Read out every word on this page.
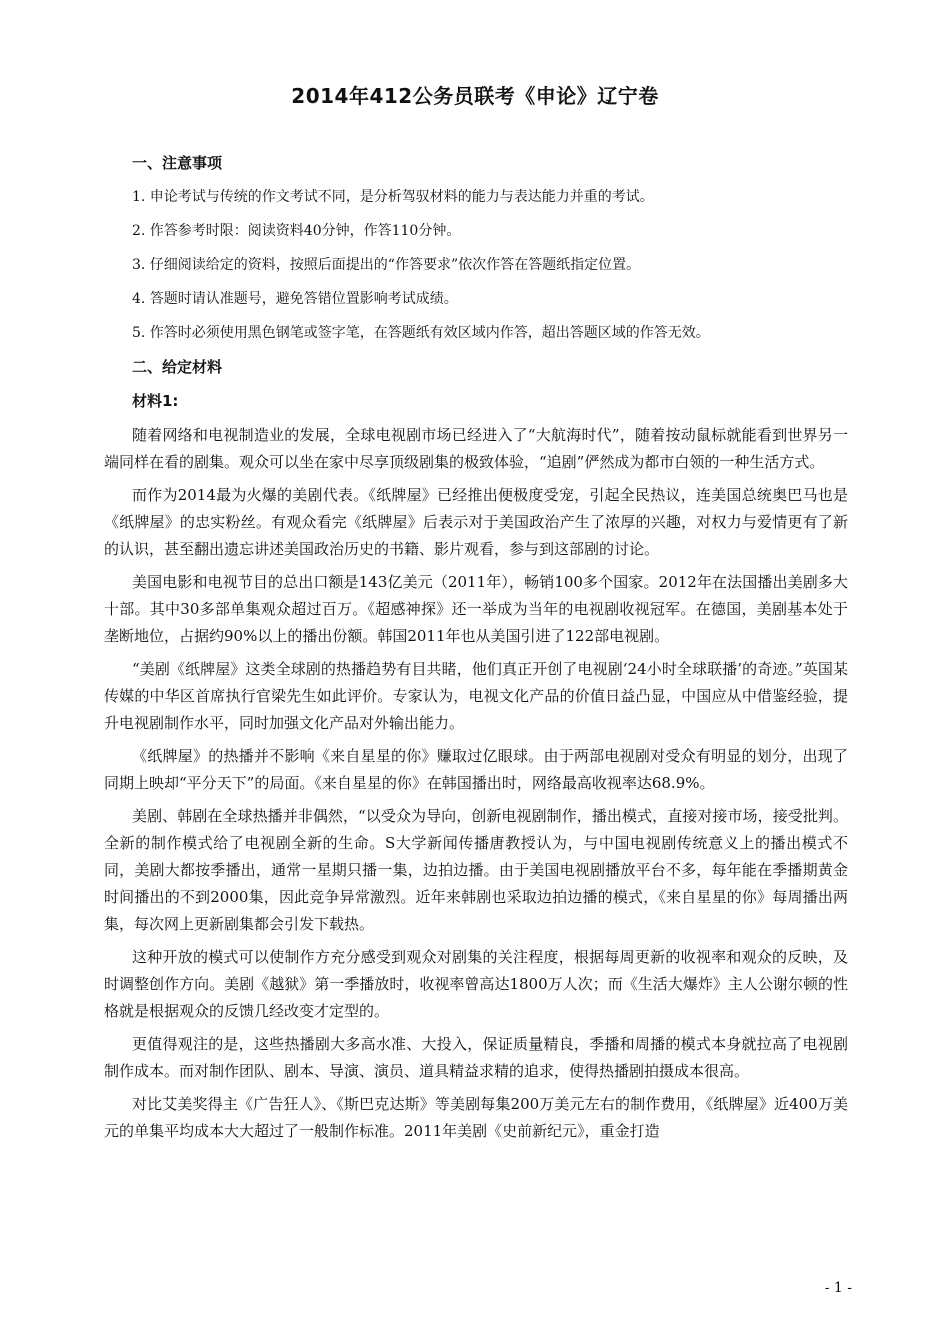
2014年412公务员联考《申论》辽宁卷
一、注意事项
1. 申论考试与传统的作文考试不同，是分析驾驭材料的能力与表达能力并重的考试。
2. 作答参考时限：阅读资料40分钟，作答110分钟。
3. 仔细阅读给定的资料，按照后面提出的“作答要求”依次作答在答题纸指定位置。
4. 答题时请认准题号，避免答错位置影响考试成绩。
5. 作答时必须使用黑色钢笔或签字笔，在答题纸有效区域内作答，超出答题区域的作答无效。
二、给定材料
材料1:

随着网络和电视制造业的发展，全球电视剧市场已经进入了“大航海时代”，随着按动鼠标就能看到世界另一端同样在看的剧集。观众可以坐在家中尽享顶级剧集的极致体验，“追剧”俨然成为都市白领的一种生活方式。

而作为2014最为火爆的美剧代表。《纸牌屋》已经推出便极度受宠，引起全民热议，连美国总统奥巴马也是《纸牌屋》的忠实粉丝。有观众看完《纸牌屋》后表示对于美国政治产生了浓厚的兴趣，对权力与爱情更有了新的认识，甚至翻出遗忘讲述美国政治历史的书籍、影片观看，参与到这部剧的讨论。

美国电影和电视节目的总出口额是143亿美元（2011年），畅销100多个国家。2012年在法国播出美剧多大十部。其中30多部单集观众超过百万。《超感神探》还一举成为当年的电视剧收视冠军。在德国，美剧基本处于垄断地位，占据约90%以上的播出份额。韩国2011年也从美国引进了122部电视剧。

“美剧《纸牌屋》这类全球剧的热播趋势有目共睹，他们真正开创了电视剧‘24小时全球联播’的奇迹。”英国某传媒的中华区首席执行官梁先生如此评价。专家认为，电视文化产品的价值日益凸显，中国应从中借鉴经验，提升电视剧制作水平，同时加强文化产品对外输出能力。

《纸牌屋》的热播并不影响《来自星星的你》赚取过亿眼球。由于两部电视剧对受众有明显的划分，出现了同期上映却“平分天下”的局面。《来自星星的你》在韩国播出时，网络最高收视率达68.9%。

美剧、韩剧在全球热播并非偶然，“以受众为导向，创新电视剧制作，播出模式，直接对接市场，接受批判。全新的制作模式给了电视剧全新的生命。S大学新闻传播唐教授认为，与中国电视剧传统意义上的播出模式不同，美剧大都按季播出，通常一星期只播一集，边拍边播。由于美国电视剧播放平台不多，每年能在季播期黄金时间播出的不到2000集，因此竞争异常激烈。近年来韩剧也采取边拍边播的模式，《来自星星的你》每周播出两集，每次网上更新剧集都会引发下载热。

这种开放的模式可以使制作方充分感受到观众对剧集的关注程度，根据每周更新的收视率和观众的反映，及时调整创作方向。美剧《越狱》第一季播放时，收视率曾高达1800万人次；而《生活大爆炸》主人公谢尔顿的性格就是根据观众的反馈几经改变才定型的。

更值得观注的是，这些热播剧大多高水准、大投入，保证质量精良，季播和周播的模式本身就拉高了电视剧制作成本。而对制作团队、剧本、导演、演员、道具精益求精的追求，使得热播剧拍摄成本很高。

对比艾美奖得主《广告狂人》、《斯巴克达斯》等美剧每集200万美元左右的制作费用，《纸牌屋》近400万美元的单集平均成本大大超过了一般制作标准。2011年美剧《史前新纪元》，重金打造

- 1 -
